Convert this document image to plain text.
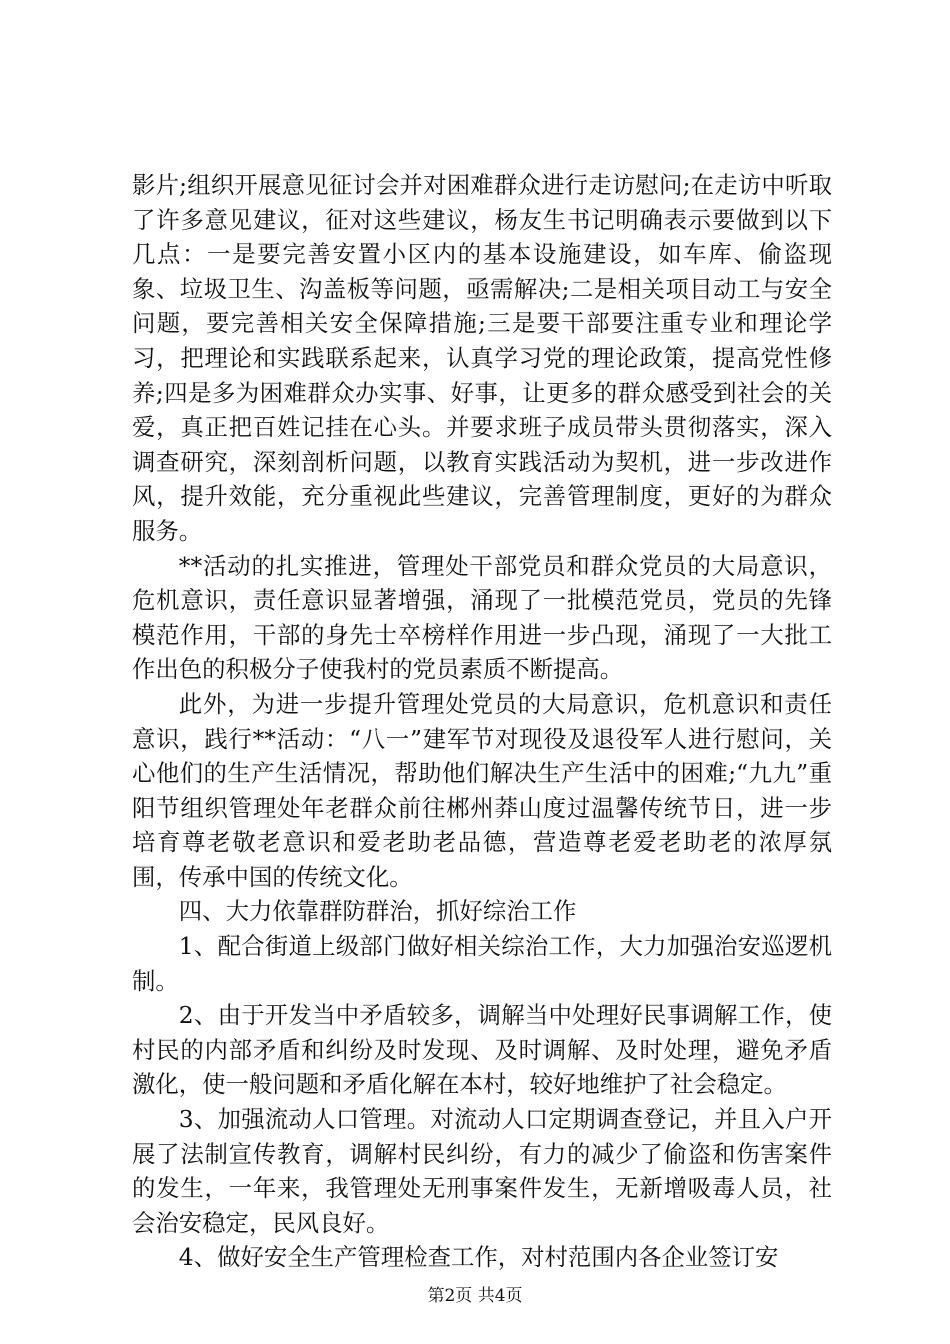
影片;组织开展意见征讨会并对困难群众进行走访慰问;在走访中听取了许多意见建议，征对这些建议，杨友生书记明确表示要做到以下几点：一是要完善安置小区内的基本设施建设，如车库、偷盗现象、垃圾卫生、沟盖板等问题，亟需解决;二是相关项目动工与安全问题，要完善相关安全保障措施;三是要干部要注重专业和理论学习，把理论和实践联系起来，认真学习党的理论政策，提高党性修养;四是多为困难群众办实事、好事，让更多的群众感受到社会的关爱，真正把百姓记挂在心头。并要求班子成员带头贯彻落实，深入调查研究，深刻剖析问题，以教育实践活动为契机，进一步改进作风，提升效能，充分重视此些建议，完善管理制度，更好的为群众服务。

**活动的扎实推进，管理处干部党员和群众党员的大局意识，危机意识，责任意识显著增强，涌现了一批模范党员，党员的先锋模范作用，干部的身先士卒榜样作用进一步凸现，涌现了一大批工作出色的积极分子使我村的党员素质不断提高。

此外，为进一步提升管理处党员的大局意识，危机意识和责任意识，践行**活动：“八一”建军节对现役及退役军人进行慰问，关心他们的生产生活情况，帮助他们解决生产生活中的困难;“九九”重阳节组织管理处年老群众前往郴州莽山度过温馨传统节日，进一步培育尊老敬老意识和爱老助老品德，营造尊老爱老助老的浓厚氛围，传承中国的传统文化。

四、大力依靠群防群治，抓好综治工作

1、配合街道上级部门做好相关综治工作，大力加强治安巡逻机制。

2、由于开发当中矛盾较多，调解当中处理好民事调解工作，使村民的内部矛盾和纠纷及时发现、及时调解、及时处理，避免矛盾激化，使一般问题和矛盾化解在本村，较好地维护了社会稳定。

3、加强流动人口管理。对流动人口定期调查登记，并且入户开展了法制宣传教育，调解村民纠纷，有力的减少了偷盗和伤害案件的发生，一年来，我管理处无刑事案件发生，无新增吸毒人员，社会治安稳定，民风良好。

4、做好安全生产管理检查工作，对村范围内各企业签订安

第2页 共4页
